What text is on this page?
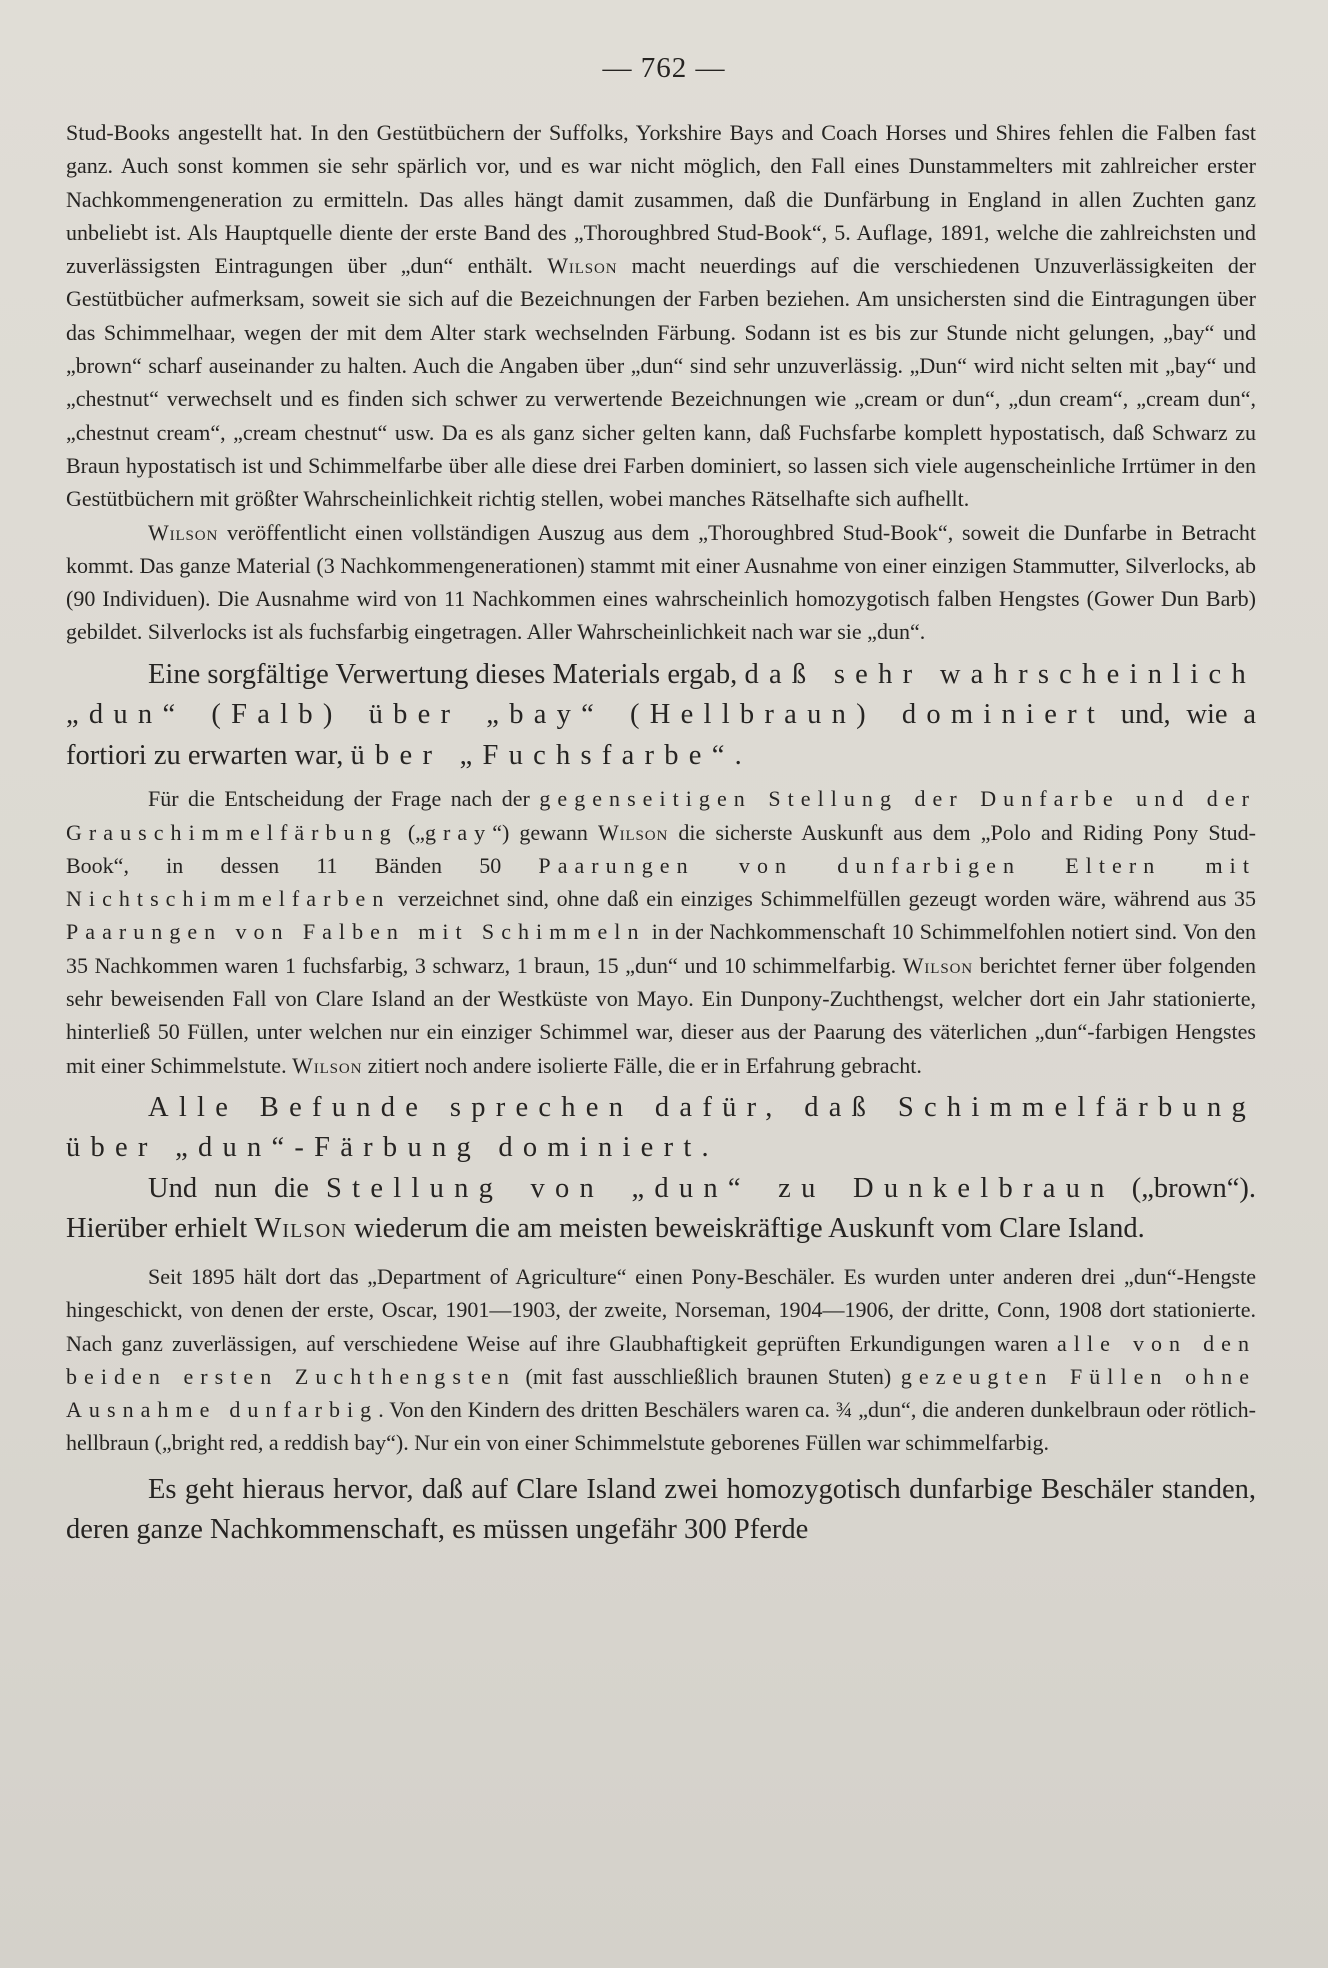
— 762 —

Stud-Books angestellt hat. In den Gestütbüchern der Suffolks, Yorkshire Bays and Coach Horses und Shires fehlen die Falben fast ganz. Auch sonst kommen sie sehr spärlich vor, und es war nicht möglich, den Fall eines Dunstammelters mit zahlreicher erster Nachkommengeneration zu ermitteln. Das alles hängt damit zusammen, daß die Dunfärbung in England in allen Zuchten ganz unbeliebt ist. Als Hauptquelle diente der erste Band des „Thoroughbred Stud-Book“, 5. Auflage, 1891, welche die zahlreichsten und zuverlässigsten Eintragungen über „dun“ enthält. Wilson macht neuerdings auf die verschiedenen Unzuverlässigkeiten der Gestütbücher aufmerksam, soweit sie sich auf die Bezeichnungen der Farben beziehen. Am unsichersten sind die Eintragungen über das Schimmelhaar, wegen der mit dem Alter stark wechselnden Färbung. Sodann ist es bis zur Stunde nicht gelungen, „bay“ und „brown“ scharf auseinander zu halten. Auch die Angaben über „dun“ sind sehr unzuverlässig. „Dun“ wird nicht selten mit „bay“ und „chestnut“ verwechselt und es finden sich schwer zu verwertende Bezeichnungen wie „cream or dun“, „dun cream“, „cream dun“, „chestnut cream“, „cream chestnut“ usw. Da es als ganz sicher gelten kann, daß Fuchsfarbe komplett hypostatisch, daß Schwarz zu Braun hypostatisch ist und Schimmelfarbe über alle diese drei Farben dominiert, so lassen sich viele augenscheinliche Irrtümer in den Gestütbüchern mit größter Wahrscheinlichkeit richtig stellen, wobei manches Rätselhafte sich aufhellt.

Wilson veröffentlicht einen vollständigen Auszug aus dem „Thoroughbred Stud-Book“, soweit die Dunfarbe in Betracht kommt. Das ganze Material (3 Nachkommengenerationen) stammt mit einer Ausnahme von einer einzigen Stammutter, Silverlocks, ab (90 Individuen). Die Ausnahme wird von 11 Nachkommen eines wahrscheinlich homozygotisch falben Hengstes (Gower Dun Barb) gebildet. Silverlocks ist als fuchsfarbig eingetragen. Aller Wahrscheinlichkeit nach war sie „dun“.

Eine sorgfältige Verwertung dieses Materials ergab, daß sehr wahrscheinlich „dun“ (Falb) über „bay“ (Hellbraun) dominiert und, wie a fortiori zu erwarten war, über „Fuchsfarbe“.

Für die Entscheidung der Frage nach der gegenseitigen Stellung der Dunfarbe und der Grauschimmelfärbung („gray“) gewann Wilson die sicherste Auskunft aus dem „Polo and Riding Pony Stud-Book“, in dessen 11 Bänden 50 Paarungen von dunfarbigen Eltern mit Nichtschimmelfarben verzeichnet sind, ohne daß ein einziges Schimmelfüllen gezeugt worden wäre, während aus 35 Paarungen von Falben mit Schimmeln in der Nachkommenschaft 10 Schimmelfohlen notiert sind. Von den 35 Nachkommen waren 1 fuchsfarbig, 3 schwarz, 1 braun, 15 „dun“ und 10 schimmelfarbig. Wilson berichtet ferner über folgenden sehr beweisenden Fall von Clare Island an der Westküste von Mayo. Ein Dunpony-Zuchthengst, welcher dort ein Jahr stationierte, hinterließ 50 Füllen, unter welchen nur ein einziger Schimmel war, dieser aus der Paarung des väterlichen „dun“-farbigen Hengstes mit einer Schimmelstute. Wilson zitiert noch andere isolierte Fälle, die er in Erfahrung gebracht.

Alle Befunde sprechen dafür, daß Schimmelfärbung über „dun“-Färbung dominiert.

Und nun die Stellung von „dun“ zu Dunkelbraun („brown“). Hierüber erhielt Wilson wiederum die am meisten beweiskräftige Auskunft vom Clare Island.

Seit 1895 hält dort das „Department of Agriculture“ einen Pony-Beschäler. Es wurden unter anderen drei „dun“-Hengste hingeschickt, von denen der erste, Oscar, 1901—1903, der zweite, Norseman, 1904—1906, der dritte, Conn, 1908 dort stationierte. Nach ganz zuverlässigen, auf verschiedene Weise auf ihre Glaubhaftigkeit geprüften Erkundigungen waren alle von den beiden ersten Zuchthengsten (mit fast ausschließlich braunen Stuten) gezeugten Füllen ohne Ausnahme dunfarbig. Von den Kindern des dritten Beschälers waren ca. ¾ „dun“, die anderen dunkelbraun oder rötlich-hellbraun („bright red, a reddish bay“). Nur ein von einer Schimmelstute geborenes Füllen war schimmelfarbig.

Es geht hieraus hervor, daß auf Clare Island zwei homozygotisch dunfarbige Beschäler standen, deren ganze Nachkommenschaft, es müssen ungefähr 300 Pferde
